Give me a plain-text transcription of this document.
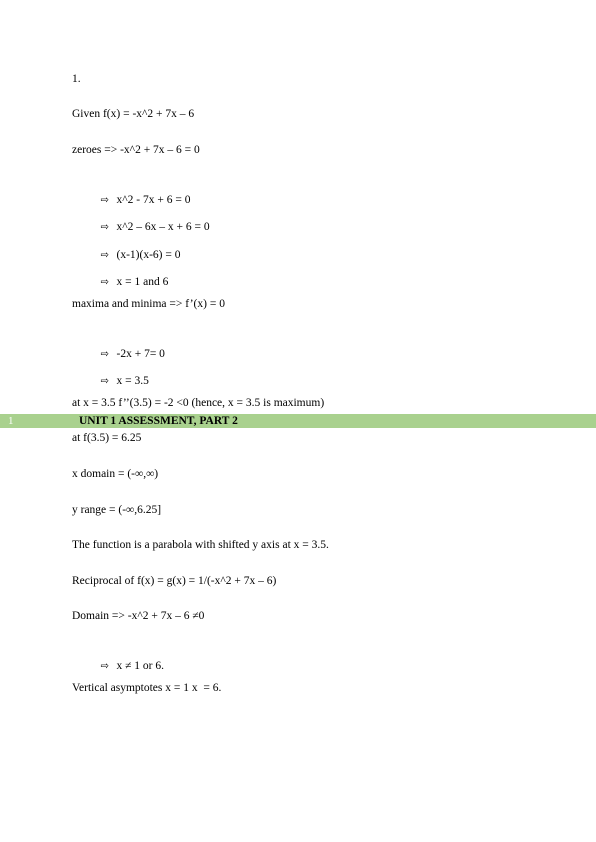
1.
Given f(x) = -x^2 + 7x – 6
zeroes => -x^2 + 7x – 6 = 0

⇨ x^2 - 7x + 6 = 0

⇨ x^2 – 6x – x + 6 = 0

⇨ (x-1)(x-6) = 0

⇨ x = 1 and 6

maxima and minima => f’(x) = 0

⇨ -2x + 7= 0

⇨ x = 3.5

at x = 3.5 f’’(3.5) = -2 <0 (hence, x = 3.5 is maximum)
1	UNIT 1 ASSESSMENT, PART 2
at f(3.5) = 6.25
x domain = (-∞,∞)
y range = (-∞,6.25]
The function is a parabola with shifted y axis at x = 3.5.
Reciprocal of f(x) = g(x) = 1/(-x^2 + 7x – 6)
Domain => -x^2 + 7x – 6 ≠0

⇨ x ≠ 1 or 6.

Vertical asymptotes x = 1 x  = 6.
